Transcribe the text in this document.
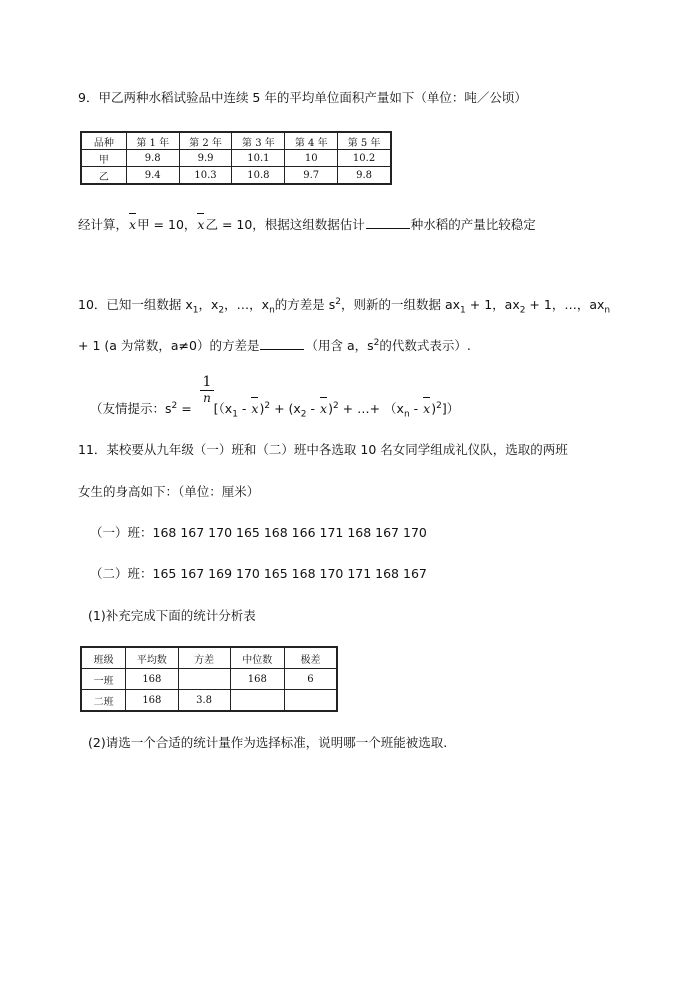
9．甲乙两种水稻试验品中连续 5 年的平均单位面积产量如下（单位：吨／公顷）
品种	第 1 年	第 2 年	第 3 年	第 4 年	第 5 年
甲	9.8	9.9	10.1	10	10.2
乙	9.4	10.3	10.8	9.7	9.8
经计算，x甲 = 10，x乙 = 10，根据这组数据估计	种水稻的产量比较稳定
10．已知一组数据 $x_1$，$x_2$，…，$x_n$的方差是 $s^2$，则新的一组数据 $ax_1 + 1$，$ax_2 + 1$，…，$ax_n$
+ 1 (a 为常数，a≠0）的方差是	（用含 a，$s^2$的代数式表示）.
$\frac{1}{n}$
（友情提示：$s^2 = [(x_1 - x)^2 + (x_2 - x)^2$ + …+ $(x_n - x)^2$]）
11．某校要从九年级（一）班和（二）班中各选取 10 名女同学组成礼仪队，选取的两班
女生的身高如下：（单位：厘米）
（一）班：168 167 170 165 168 166 171 168 167 170
（二）班：165 167 169 170 165 168 170 171 168 167
(1)补充完成下面的统计分析表
班级	平均数	方差	中位数	极差
一班	168		168	6
二班	168	3.8		
(2)请选一个合适的统计量作为选择标准，说明哪一个班能被选取.
